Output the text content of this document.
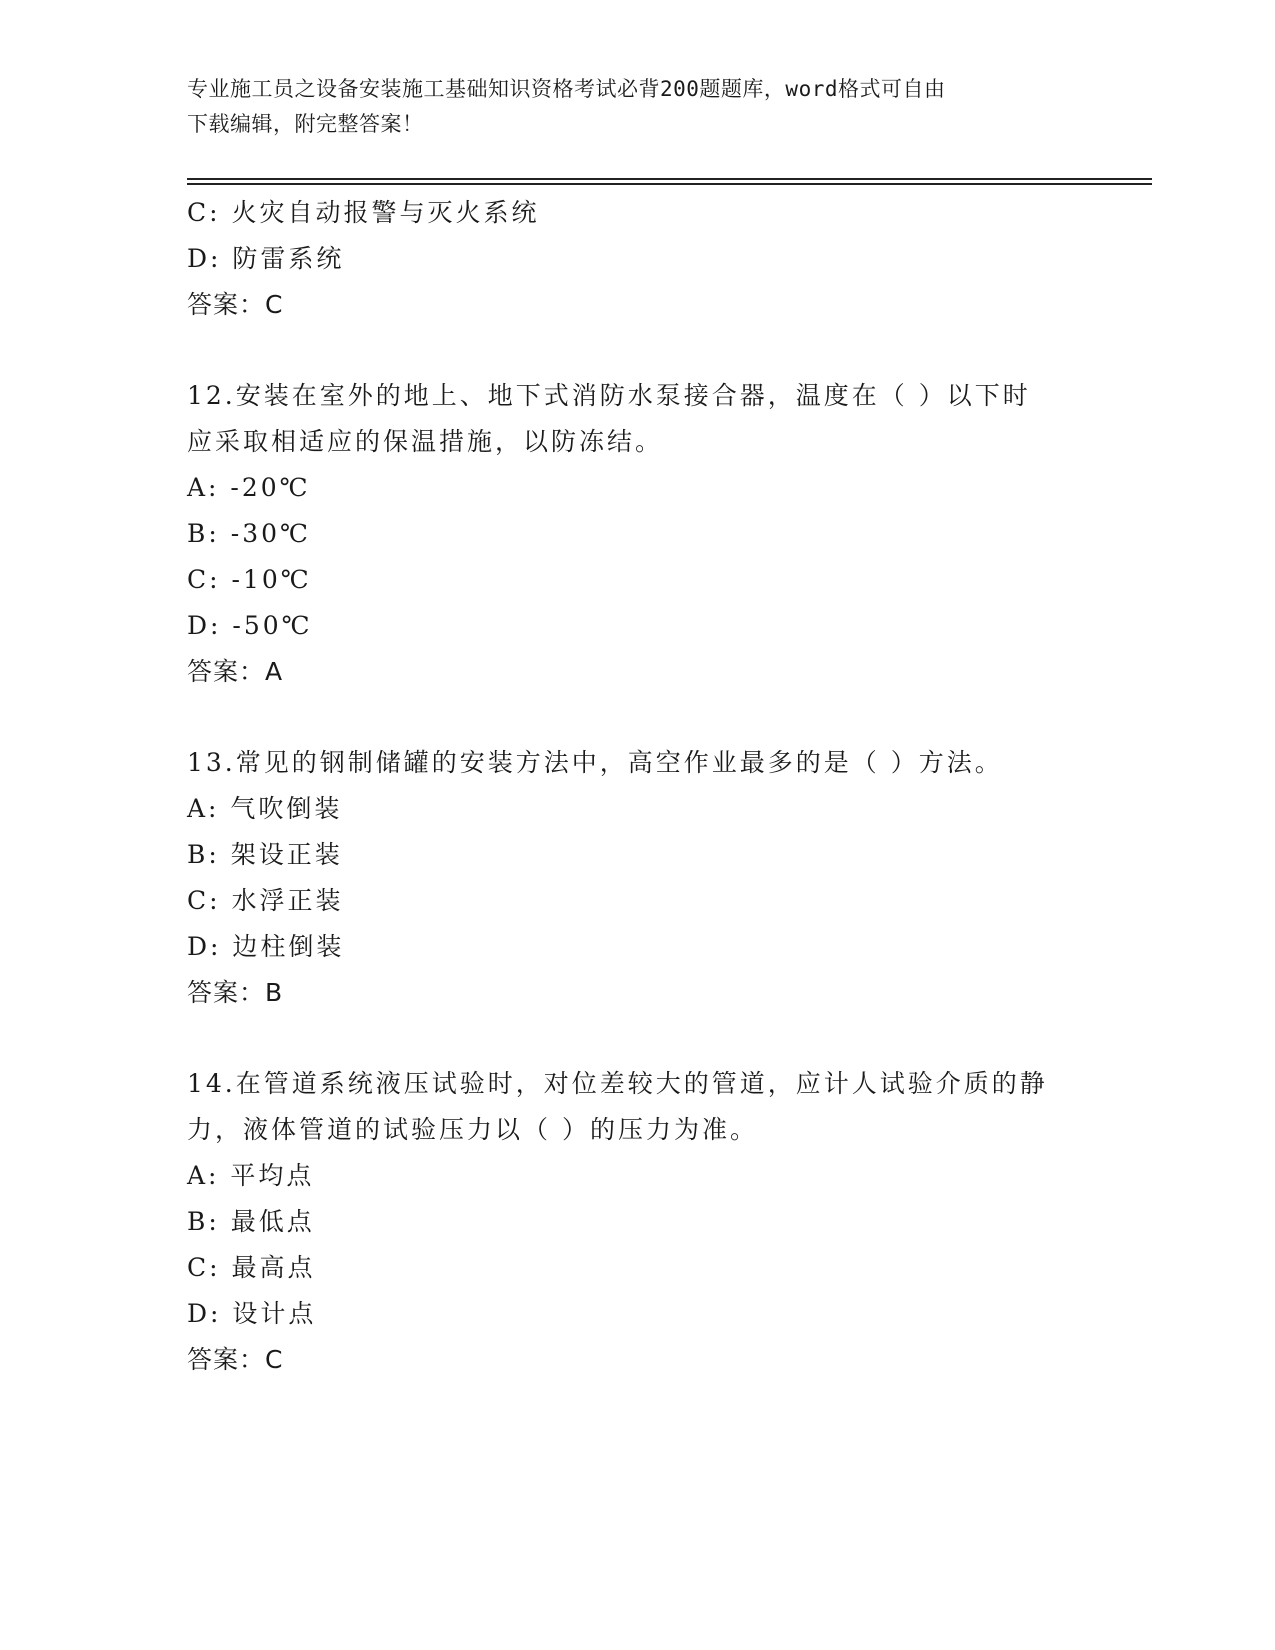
专业施工员之设备安装施工基础知识资格考试必背200题题库，word格式可自由
下载编辑，附完整答案！
C: 火灾自动报警与灭火系统
D: 防雷系统
答案：C
12.安装在室外的地上、地下式消防水泵接合器，温度在（ ）以下时
应采取相适应的保温措施，以防冻结。
A: -20℃
B: -30℃
C: -10℃
D: -50℃
答案：A
13.常见的钢制储罐的安装方法中，高空作业最多的是（ ）方法。
A: 气吹倒装
B: 架设正装
C: 水浮正装
D: 边柱倒装
答案：B
14.在管道系统液压试验时，对位差较大的管道，应计人试验介质的静
力，液体管道的试验压力以（ ）的压力为准。
A: 平均点
B: 最低点
C: 最高点
D: 设计点
答案：C
